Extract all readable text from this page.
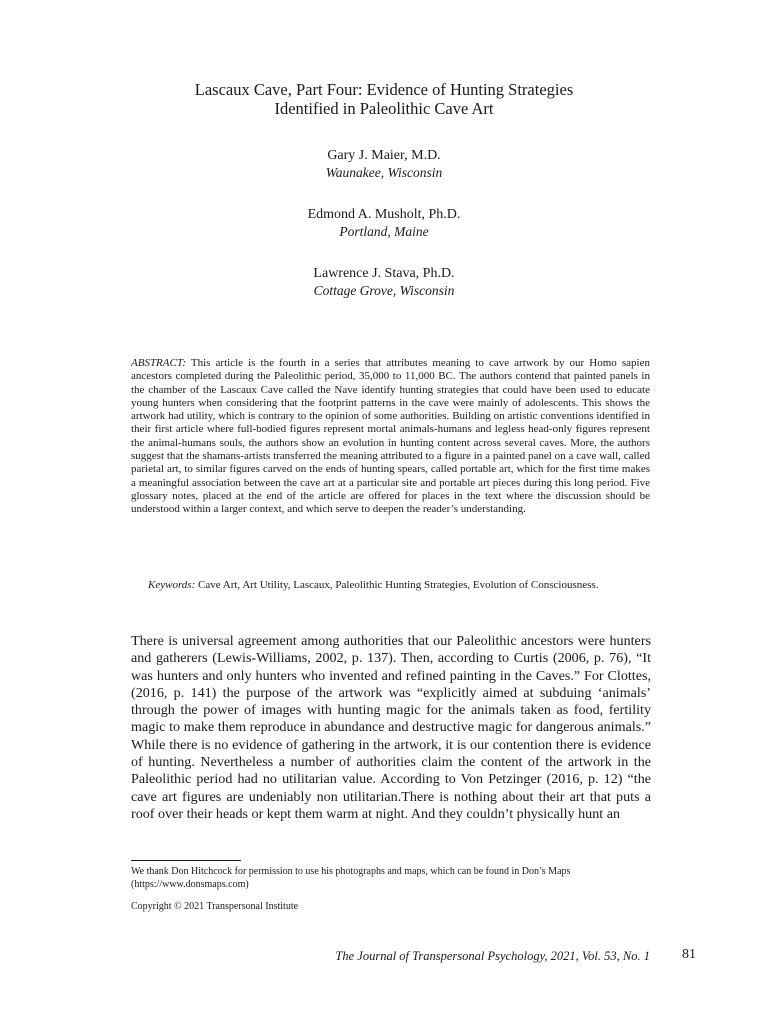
Lascaux Cave, Part Four: Evidence of Hunting Strategies
Identified in Paleolithic Cave Art
Gary J. Maier, M.D.
Waunakee, Wisconsin
Edmond A. Musholt, Ph.D.
Portland, Maine
Lawrence J. Stava, Ph.D.
Cottage Grove, Wisconsin
ABSTRACT: This article is the fourth in a series that attributes meaning to cave artwork by our Homo sapien ancestors completed during the Paleolithic period, 35,000 to 11,000 BC. The authors contend that painted panels in the chamber of the Lascaux Cave called the Nave identify hunting strategies that could have been used to educate young hunters when considering that the footprint patterns in the cave were mainly of adolescents. This shows the artwork had utility, which is contrary to the opinion of some authorities. Building on artistic conventions identified in their first article where full-bodied figures represent mortal animals-humans and legless head-only figures represent the animal-humans souls, the authors show an evolution in hunting content across several caves. More, the authors suggest that the shamans-artists transferred the meaning attributed to a figure in a painted panel on a cave wall, called parietal art, to similar figures carved on the ends of hunting spears, called portable art, which for the first time makes a meaningful association between the cave art at a particular site and portable art pieces during this long period. Five glossary notes, placed at the end of the article are offered for places in the text where the discussion should be understood within a larger context, and which serve to deepen the reader’s understanding.
Keywords: Cave Art, Art Utility, Lascaux, Paleolithic Hunting Strategies, Evolution of Consciousness.
There is universal agreement among authorities that our Paleolithic ancestors were hunters and gatherers (Lewis-Williams, 2002, p. 137). Then, according to Curtis (2006, p. 76), “It was hunters and only hunters who invented and refined painting in the Caves.” For Clottes, (2016, p. 141) the purpose of the artwork was “explicitly aimed at subduing ‘animals’ through the power of images with hunting magic for the animals taken as food, fertility magic to make them reproduce in abundance and destructive magic for dangerous animals.” While there is no evidence of gathering in the artwork, it is our contention there is evidence of hunting. Nevertheless a number of authorities claim the content of the artwork in the Paleolithic period had no utilitarian value. According to Von Petzinger (2016, p. 12) “the cave art figures are undeniably non utilitarian.There is nothing about their art that puts a roof over their heads or kept them warm at night. And they couldn’t physically hunt an
We thank Don Hitchcock for permission to use his photographs and maps, which can be found in Don’s Maps (https://www.donsmaps.com)
Copyright © 2021 Transpersonal Institute
The Journal of Transpersonal Psychology, 2021, Vol. 53, No. 1 81
